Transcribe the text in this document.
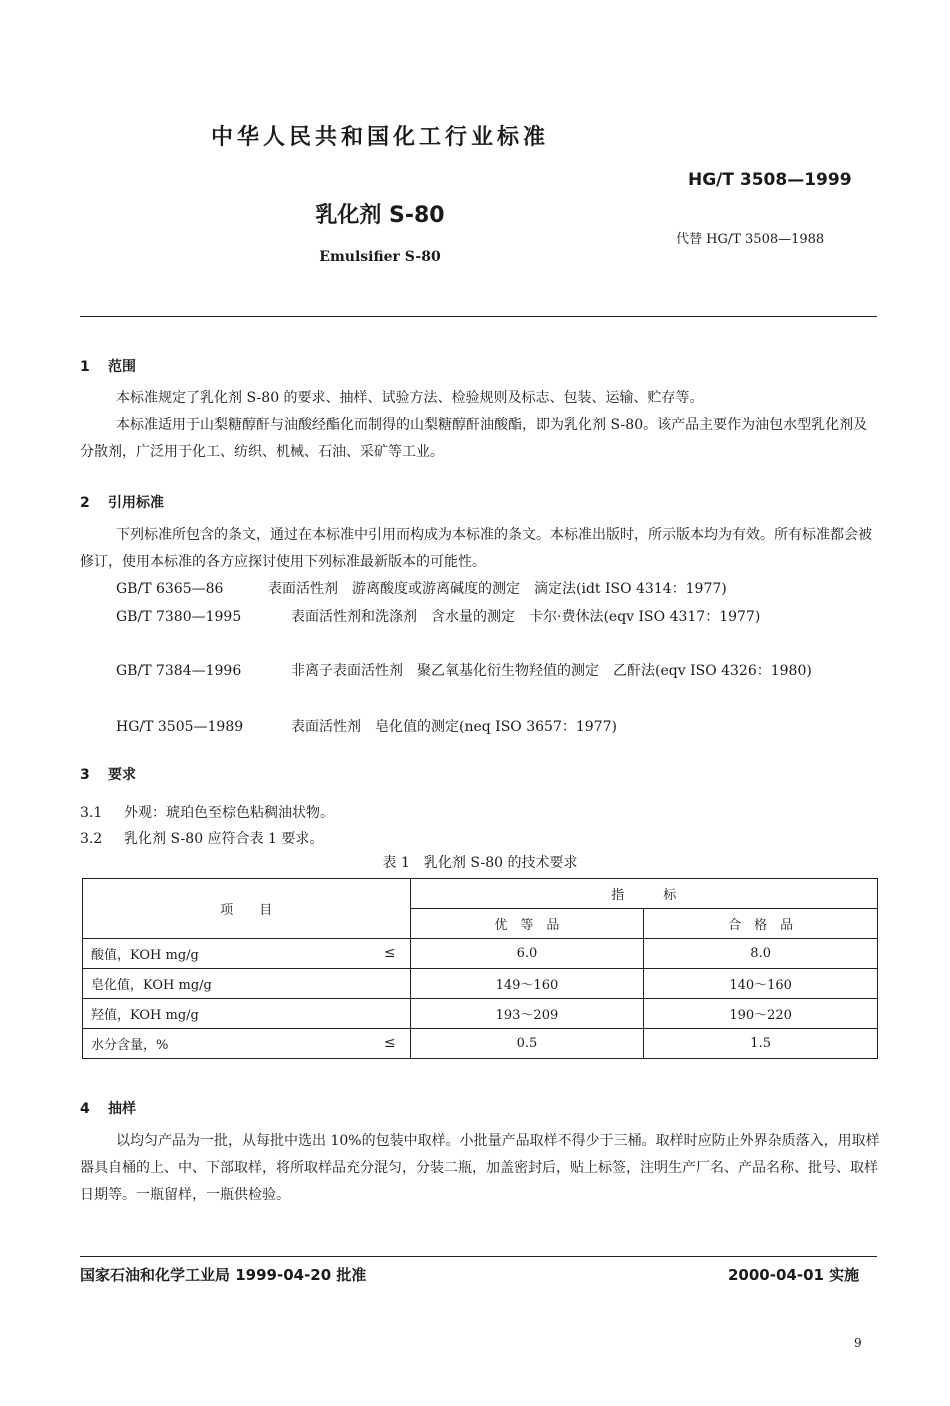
中华人民共和国化工行业标准
HG/T 3508—1999
乳化剂 S-80
代替 HG/T 3508—1988
Emulsifier S-80
1 范围
本标准规定了乳化剂 S-80 的要求、抽样、试验方法、检验规则及标志、包装、运输、贮存等。
本标准适用于山梨糖醇酐与油酸经酯化而制得的山梨糖醇酐油酸酯，即为乳化剂 S-80。该产品主要作为油包水型乳化剂及分散剂，广泛用于化工、纺织、机械、石油、采矿等工业。
2 引用标准
下列标准所包含的条文，通过在本标准中引用而构成为本标准的条文。本标准出版时，所示版本均为有效。所有标准都会被修订，使用本标准的各方应探讨使用下列标准最新版本的可能性。
GB/T 6365—86	表面活性剂　游离酸度或游离碱度的测定　滴定法(idt ISO 4314：1977)
GB/T 7380—1995	表面活性剂和洗涤剂　含水量的测定　卡尔·费休法(eqv ISO 4317：1977)
GB/T 7384—1996	非离子表面活性剂　聚乙氧基化衍生物羟值的测定　乙酐法(eqv ISO 4326：1980)
HG/T 3505—1989	表面活性剂　皂化值的测定(neq ISO 3657：1977)
3 要求
3.1 外观：琥珀色至棕色粘稠油状物。
3.2 乳化剂 S-80 应符合表 1 要求。
表 1　乳化剂 S-80 的技术要求
项　　目	指　　　标	
	优　等　品	合　格　品
酸值，KOH mg/g ≤	6.0	8.0
皂化值，KOH mg/g	149～160	140～160
羟值，KOH mg/g	193～209	190～220
水分含量，% ≤	0.5	1.5
4 抽样
以均匀产品为一批，从每批中选出 10%的包装中取样。小批量产品取样不得少于三桶。取样时应防止外界杂质落入，用取样器具自桶的上、中、下部取样，将所取样品充分混匀，分装二瓶，加盖密封后，贴上标签，注明生产厂名、产品名称、批号、取样日期等。一瓶留样，一瓶供检验。
国家石油和化学工业局 1999-04-20 批准	2000-04-01 实施
9
